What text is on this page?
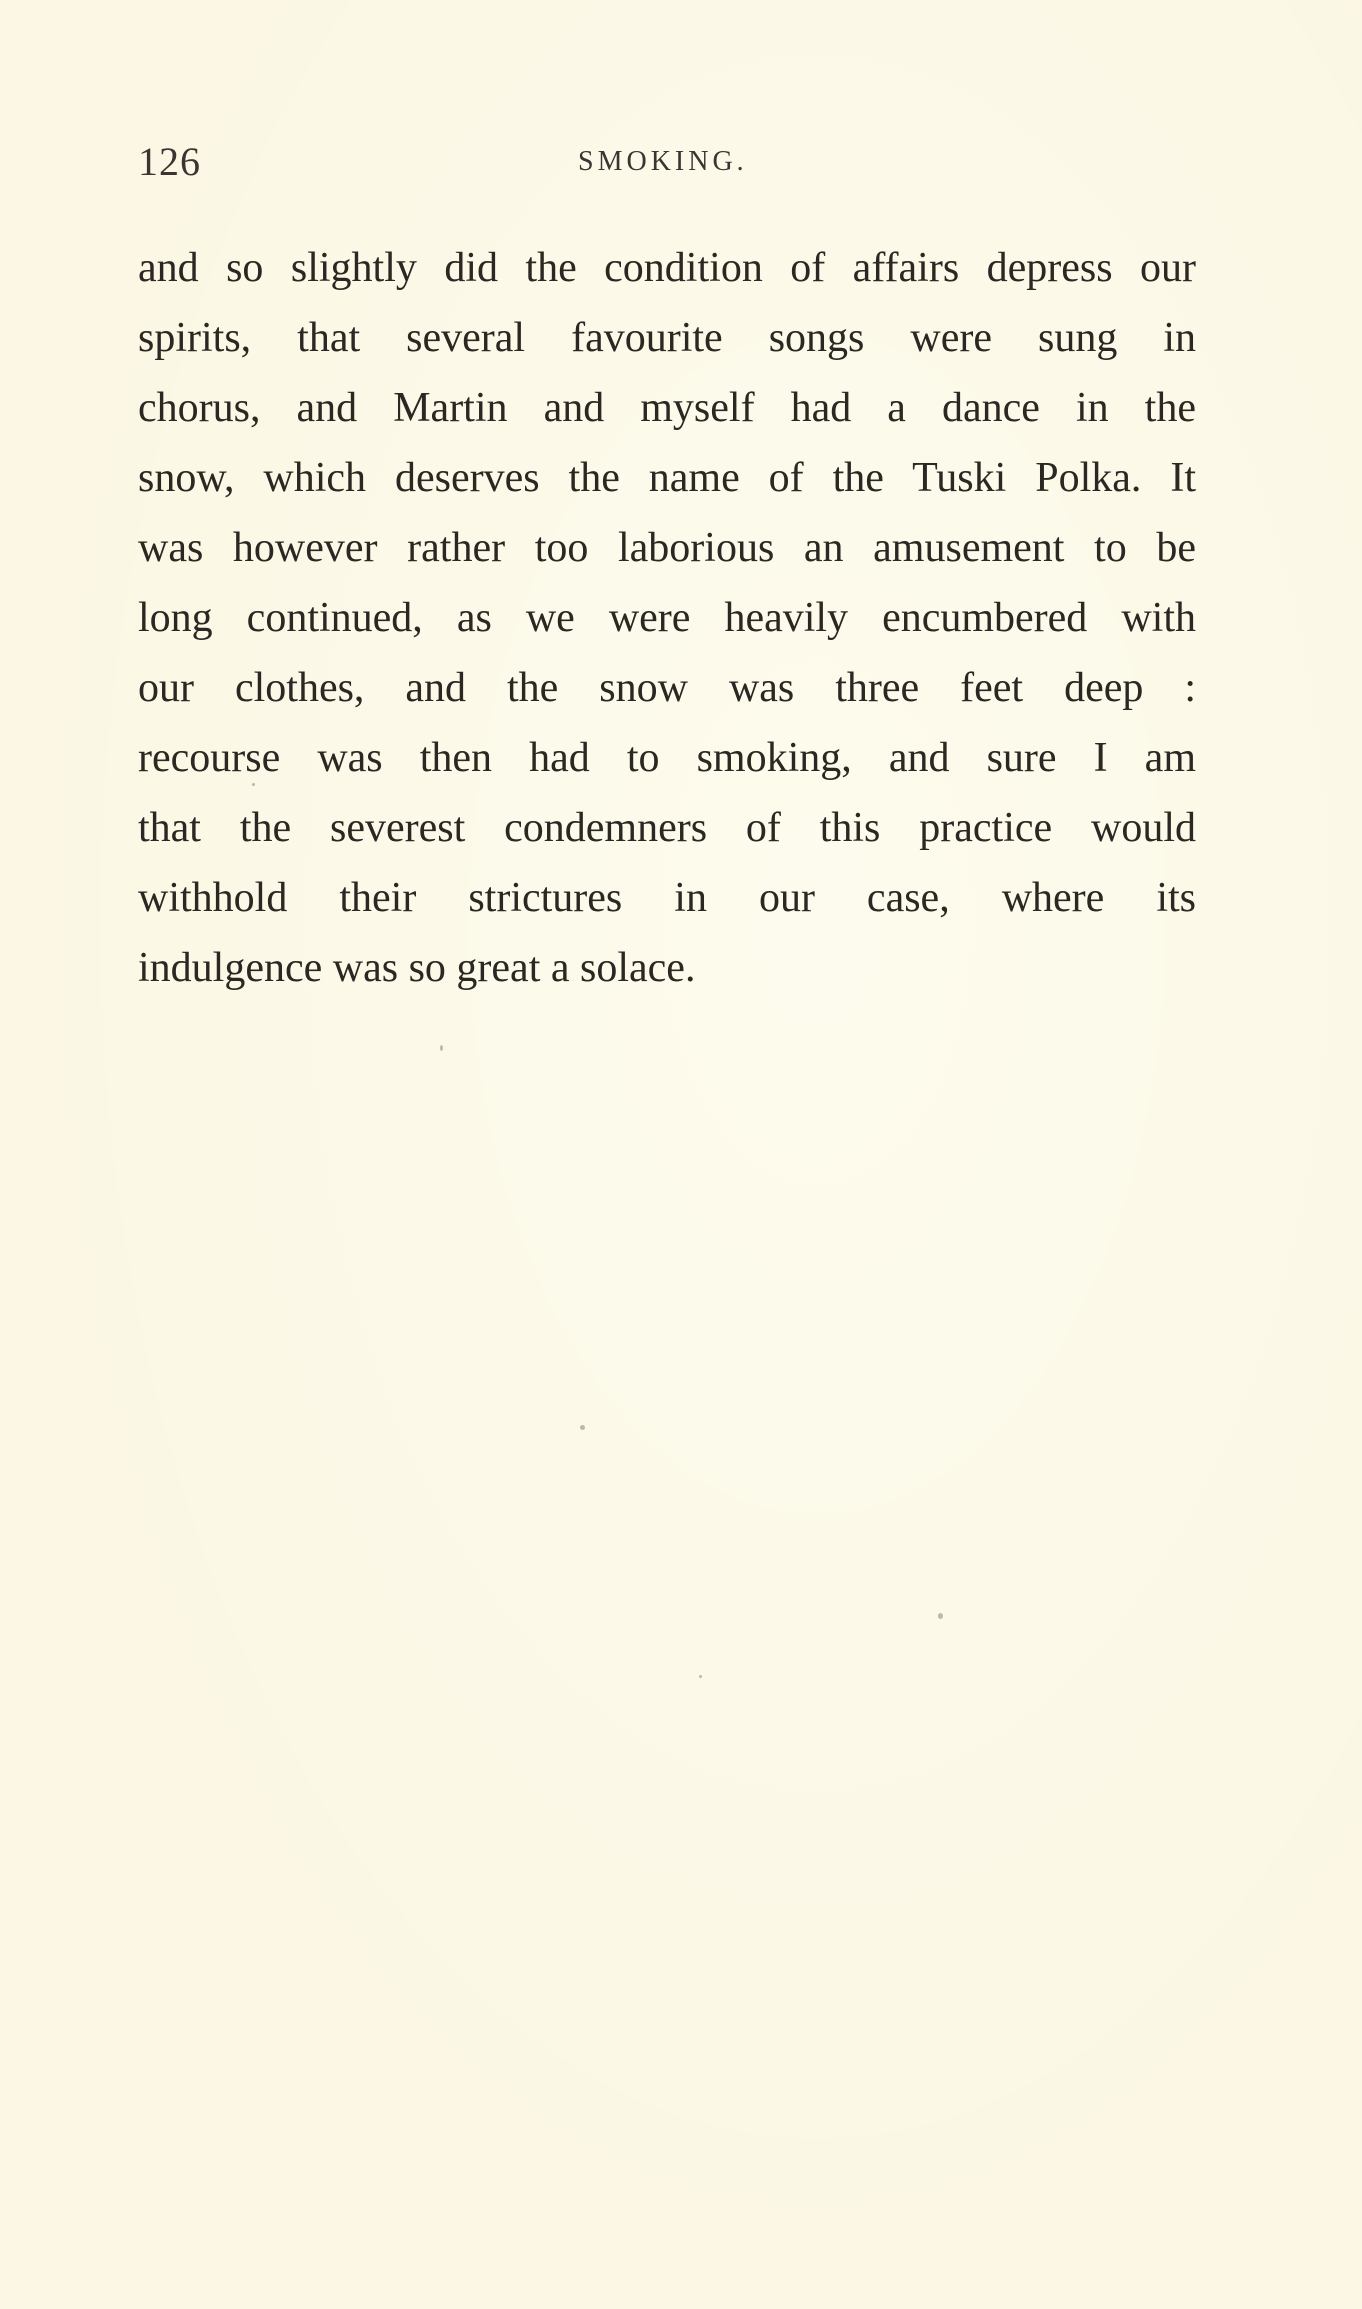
126	SMOKING.
and so slightly did the condition of affairs depress our
spirits, that several favourite songs were sung in
chorus, and Martin and myself had a dance in the
snow, which deserves the name of the Tuski Polka. It
was however rather too laborious an amusement to be
long continued, as we were heavily encumbered with
our clothes, and the snow was three feet deep :
recourse was then had to smoking, and sure I am
that the severest condemners of this practice would
withhold their strictures in our case, where its
indulgence was so great a solace.
